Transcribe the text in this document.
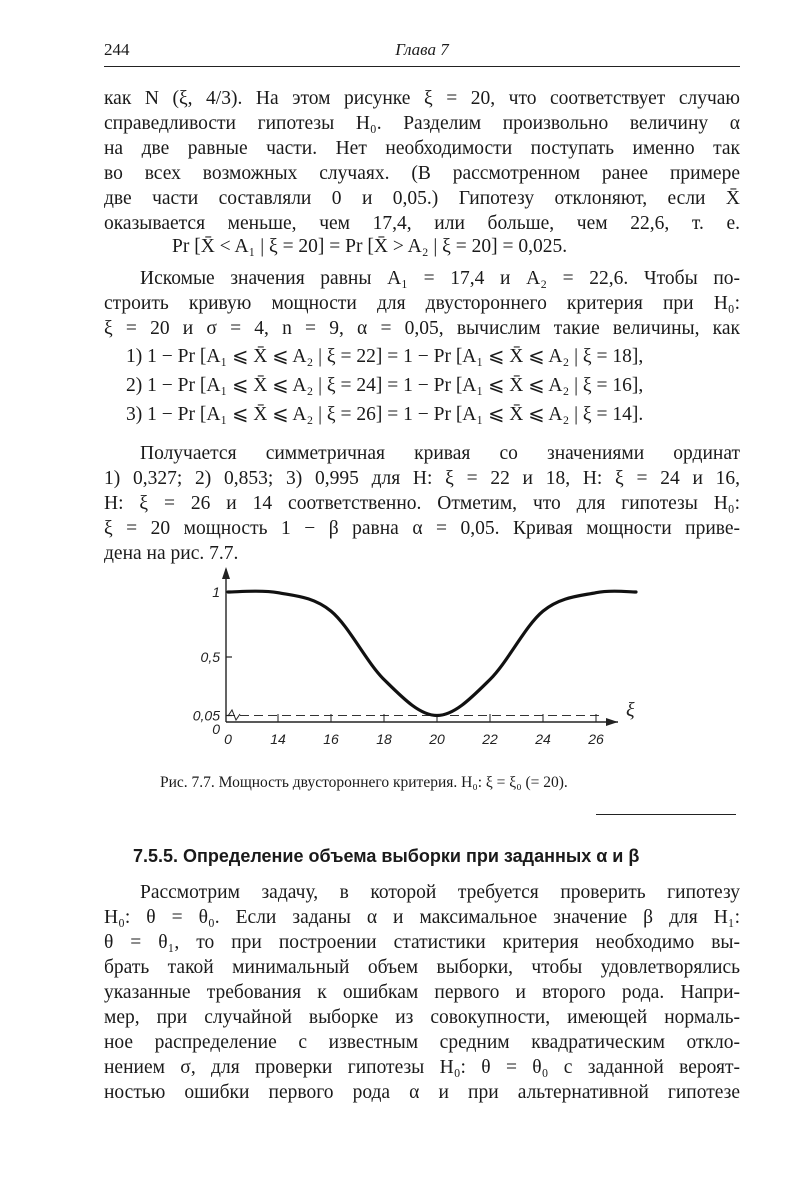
244	Глава 7
как N (ξ, 4/3). На этом рисунке ξ = 20, что соответствует случаю
справедливости гипотезы H₀. Разделим произвольно величину α
на две равные части. Нет необходимости поступать именно так
во всех возможных случаях. (В рассмотренном ранее примере
две части составляли 0 и 0,05.) Гипотезу отклоняют, если X̄
оказывается меньше, чем 17,4, или больше, чем 22,6, т. е.
Pr [X̄ < A₁ | ξ = 20] = Pr [X̄ > A₂ | ξ = 20] = 0,025.
Искомые значения равны A₁ = 17,4 и A₂ = 22,6. Чтобы по-
строить кривую мощности для двустороннего критерия при H₀:
ξ = 20 и σ = 4, n = 9, α = 0,05, вычислим такие величины, как
1) 1 − Pr [A₁ ⩽ X̄ ⩽ A₂ | ξ = 22] = 1 − Pr [A₁ ⩽ X̄ ⩽ A₂ | ξ = 18],
2) 1 − Pr [A₁ ⩽ X̄ ⩽ A₂ | ξ = 24] = 1 − Pr [A₁ ⩽ X̄ ⩽ A₂ | ξ = 16],
3) 1 − Pr [A₁ ⩽ X̄ ⩽ A₂ | ξ = 26] = 1 − Pr [A₁ ⩽ X̄ ⩽ A₂ | ξ = 14].
Получается симметричная кривая со значениями ординат
1) 0,327; 2) 0,853; 3) 0,995 для H: ξ = 22 и 18, H: ξ = 24 и 16,
H: ξ = 26 и 14 соответственно. Отметим, что для гипотезы H₀:
ξ = 20 мощность 1 − β равна α = 0,05. Кривая мощности приве-
дена на рис. 7.7.
1
0,5
0,05
0
0	14	16	18	20	22	24	26
ξ
Рис. 7.7. Мощность двустороннего критерия. H₀: ξ = ξ₀ (= 20).
7.5.5. Определение объема выборки при заданных α и β
Рассмотрим задачу, в которой требуется проверить гипотезу
H₀: θ = θ₀. Если заданы α и максимальное значение β для H₁:
θ = θ₁, то при построении статистики критерия необходимо вы-
брать такой минимальный объем выборки, чтобы удовлетворялись
указанные требования к ошибкам первого и второго рода. Напри-
мер, при случайной выборке из совокупности, имеющей нормаль-
ное распределение с известным средним квадратическим откло-
нением σ, для проверки гипотезы H₀: θ = θ₀ с заданной вероят-
ностью ошибки первого рода α и при альтернативной гипотезе
